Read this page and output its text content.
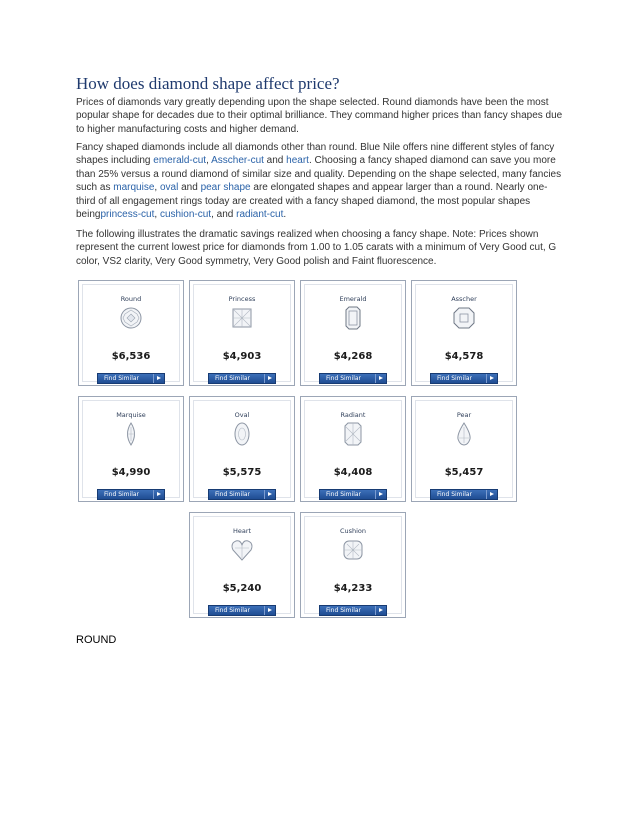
How does diamond shape affect price?

Prices of diamonds vary greatly depending upon the shape selected. Round diamonds have been the most popular shape for decades due to their optimal brilliance. They command higher prices than fancy shapes due to higher manufacturing costs and higher demand.

Fancy shaped diamonds include all diamonds other than round. Blue Nile offers nine different styles of fancy shapes including emerald-cut, Asscher-cut and heart. Choosing a fancy shaped diamond can save you more than 25% versus a round diamond of similar size and quality. Depending on the shape selected, many fancies such as marquise, oval and pear shape are elongated shapes and appear larger than a round. Nearly one-third of all engagement rings today are created with a fancy shaped diamond, the most popular shapes beingprincess-cut, cushion-cut, and radiant-cut.

The following illustrates the dramatic savings realized when choosing a fancy shape. Note: Prices shown represent the current lowest price for diamonds from 1.00 to 1.05 carats with a minimum of Very Good cut, G color, VS2 clarity, Very Good symmetry, Very Good polish and Faint fluorescence.

Round
$6,536
Find Similar
Princess
$4,903
Find Similar
Emerald
$4,268
Find Similar
Asscher
$4,578
Find Similar
Marquise
$4,990
Find Similar
Oval
$5,575
Find Similar
Radiant
$4,408
Find Similar
Pear
$5,457
Find Similar
Heart
$5,240
Find Similar
Cushion
$4,233
Find Similar
ROUND
